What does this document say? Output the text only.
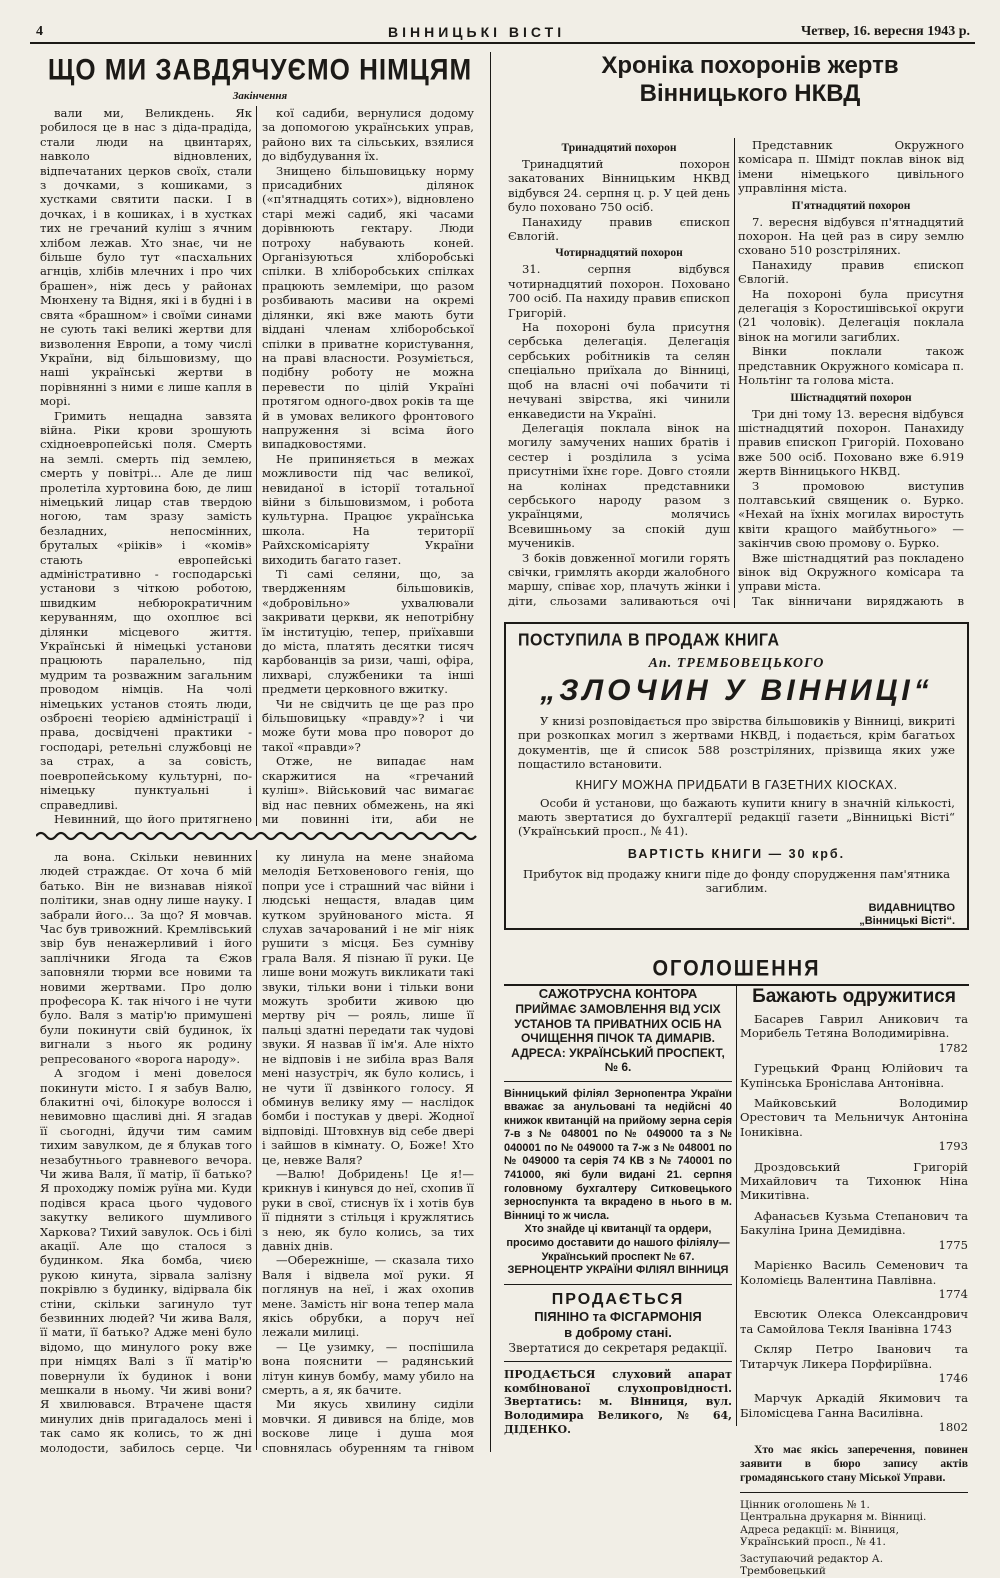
4	ВІННИЦЬКІ ВІСТІ	Четвер, 16. вересня 1943 р.
ЩО МИ ЗАВДЯЧУЄМО НІМЦЯМ
Закінчення

вали ми, Великдень. Як робилося це в нас з діда-прадіда, стали люди на цвинтарях, навколо відновлених, відпечатаних церков своїх, стали з дочками, з кошиками, з хустками святити паски. І в дочках, і в кошиках, і в хустках тих не гречаний куліш з ячним хлібом лежав. Хто знає, чи не більше було тут «пасхальних агнців, хлібів млечних і про чих брашен», ніж десь у районах Мюнхену та Відня, які і в будні і в свята «брашном» і своїми синами не сують такі великі жертви для визволення Европи, а тому числі України, від більшовизму, що наші українські жертви в порівнянні з ними є лише капля в морі.

Гримить нещадна завзята війна. Ріки крови зрошують східноевропейські поля. Смерть на землі. смерть під землею, смерть у повітрі... Але де лиш пролетіла хуртовина бою, де лиш німецький лицар став твердою ногою, там зразу замість безладних, непосмінних, бруталых «рііків» і «комів» стають европейські адміністративно - господарські установи з чіткою роботою, швидким небюрократичним керуванням, що охоплює всі ділянки місцевого життя. Українські й німецькі установи працюють паралельно, під мудрим та розважним загальним проводом німців. На чолі німецьких установ стоять люди, озброєні теорією адміністрації і права, досвідчені практики - господарі, ретельні службовці не за страх, а за совість, поевропейському культурні, по-німецьку пунктуальні і справедливі.

Невинний, що його притягнено

кої садиби, вернулися додому за допомогою українських управ, районо вих та сільських, взялися до відбудування їх.

Знищено більшовицьку норму присадибних ділянок («п'ятнадцять сотих»), відновлено старі межі садиб, які часами дорівнюють гектару. Люди потроху набувають коней. Організуються хліборобські спілки. В хліборобських спілках працюють землеміри, що разом розбивають масиви на окремі ділянки, які вже мають бути віддані членам хліборобської спілки в приватне користування, на праві власности. Розуміється, подібну роботу не можна перевести по цілій Україні протягом одного-двох років та ще й в умовах великого фронтового напруження зі всіма його випадковостями.

Не припиняється в межах можливости під час великої, невиданої в історії тотальної війни з більшовизмом, і робота культурна. Працює українська школа. На території Райхскомісаріяту України виходить багато газет.

Ті самі селяни, що, за твердженням більшовиків, «добровільно» ухвалювали закривати церкви, як непотрібну їм інституцію, тепер, приїхавши до міста, платять десятки тисяч карбованців за ризи, чаші, офіра, лихварі, службеники та інші предмети церковного вжитку.

Чи не свідчить це ще раз про більшовицьку «правду»? і чи може бути мова про поворот до такої «правди»?

Отже, не випадає нам скаржитися на «гречаний куліш». Військовий час вимагає від нас певних обмежень, на які ми повинні іти, аби не

ла вона. Скільки невинних людей страждає. От хоча б мій батько. Він не визнавав ніякої політики, знав одну лише науку. І забрали його... За що? Я мовчав. Час був тривожний. Кремлівський звір був ненажерливий і його заплічники Ягода та Єжов заповняли тюрми все новими та новими жертвами. Про долю професора К. так нічого і не чути було. Валя з матір'ю примушені були покинути свій будинок, їх вигнали з нього як родину репресованого «ворога народу».

А згодом і мені довелося покинути місто. І я забув Валю, блакитні очі, білокуре волосся і невимовно щасливі дні. Я згадав її сьогодні, йдучи тим самим тихим завулком, де я блукав того незабутнього травневого вечора. Чи жива Валя, її матір, її батько? Я проходжу поміж руїна ми. Куди подівся краса цього чудового закутку великого шумливого Харкова? Тихий завулок. Ось і білі акації. Але що сталося з будинком. Яка бомба, чиєю рукою кинута, зірвала залізну покрівлю з будинку, відірвала бік стіни, скільки загинуло тут безвинних людей? Чи жива Валя, її мати, її батько? Адже мені було відомо, що минулого року вже при німцях Валі з її матір'ю повернули їх будинок і вони мешкали в ньому. Чи живі вони? Я хвилювався. Втрачене щастя минулих днів пригадалось мені і так само як колись, то ж дні молодости, забилось серце. Чи

ку линула на мене знайома мелодія Бетховенового генія, що попри усе і страшний час війни і людські нещастя, владав цим кутком зруйнованого міста. Я слухав зачарований і не міг ніяк рушити з місця. Без сумніву грала Валя. Я пізнаю її руки. Це лише вони можуть викликати такі звуки, тільки вони і тільки вони можуть зробити живою цю мертву річ — рояль, лише її пальці здатні передати так чудові звуки. Я назвав її ім'я. Але ніхто не відповів і не зибіла враз Валя мені назустріч, як було колись, і не чути її дзвінкого голосу. Я обминув велику яму — наслідок бомби і постукав у двері. Жодної відповіді. Штовхнув від себе двері і зайшов в кімнату. О, Боже! Хто це, невже Валя?

—Валю! Добридень! Це я!—крикнув і кинувся до неї, схопив її руки в свої, стиснув їх і хотів був її підняти з стільця і кружлятись з нею, як було колись, за тих давніх днів.

—Обережніше, — сказала тихо Валя і відвела мої руки. Я поглянув на неї, і жах охопив мене. Замість ніг вона тепер мала якісь обрубки, а поруч неї лежали милиці.

— Це узимку, — поспішила вона пояснити — радянський літун кинув бомбу, маму убило на смерть, а я, як бачите.

Ми якусь хвилину сиділи мовчки. Я дивився на бліде, мов воскове лице і душа моя сповнялась обуренням та гнівом

Хроніка похоронів жертв
Вінницького НКВД
Тринадцятий похорон

Тринадцятий похорон закатованих Вінницьким НКВД відбувся 24. серпня ц. р. У цей день було поховано 750 осіб.

Панахиду правив єпископ Євлогій.

Чотирнадцятий похорон

31. серпня відбувся чотирнадцятий похорон. Поховано 700 осіб. Па нахиду правив єпископ Григорій.

На похороні була присутня сербська делегація. Делегація сербських робітників та селян спеціально приїхала до Вінниці, щоб на власні очі побачити ті нечувані звірства, які чинили енкаведисти на Україні.

Делегація поклала вінок на могилу замучених наших братів і сестер і розділила з усіма присутніми їхнє горе. Довго стояли на колінах представники сербського народу разом з українцями, молячись Всевишньому за спокій душ мучеників.

З боків довженної могили горять свічки, гримлять акорди жалобного маршу, співає хор, плачуть жінки і діти, сльозами заливаються очі

Представник Окружного комісара п. Шмідт поклав вінок від імени німецького цивільного управління міста.

П'ятнадцятий похорон

7. вересня відбувся п'ятнадцятий похорон. На цей раз в сиру землю сховано 510 розстріляних.

Панахиду правив єпископ Євлогій.

На похороні була присутня делегація з Коростишівської округи (21 чоловік). Делегація поклала вінок на могили загиблих.

Вінки поклали також представник Окружного комісара п. Нольтінг та голова міста.

Шістнадцятий похорон

Три дні тому 13. вересня відбувся шістнадцятий похорон. Панахиду правив єпископ Григорій. Поховано вже 500 осіб. Поховано вже 6.919 жертв Вінницького НКВД.

З промовою виступив полтавський священик о. Бурко. «Нехай на їхніх могилах виростуть квіти кращого майбутнього» — закінчив свою промову о. Бурко.

Вже шістнадцятий раз покладено вінок від Окружного комісара та управи міста.

Так вінничани виряджають в

ПОСТУПИЛА В ПРОДАЖ КНИГА
Ап. ТРЕМБОВЕЦЬКОГО
„ЗЛОЧИН У ВІННИЦІ“
У книзі розповідається про звірства більшовиків у Вінниці, викриті при розкопках могил з жертвами НКВД, і подається, крім багатьох документів, ще й список 588 розстріляних, прізвища яких уже пощастило встановити.
КНИГУ МОЖНА ПРИДБАТИ В ГАЗЕТНИХ КІОСКАХ.
Особи й установи, що бажають купити книгу в значній кількості, мають звертатися до бухгалтерії редакції газети „Вінницькі Вісті“ (Український просп., № 41).
ВАРТІСТЬ КНИГИ — 30 крб.
Прибуток від продажу книги піде до фонду спорудження пам'ятника загиблим.
ВИДАВНИЦТВО
„Вінницькі Вісті“.
ОГОЛОШЕННЯ
САЖОТРУСНА КОНТОРА
ПРИЙМАЄ ЗАМОВЛЕННЯ ВІД УСІХ УСТАНОВ ТА ПРИВАТНИХ ОСІБ НА ОЧИЩЕННЯ ПІЧОК ТА ДИМАРІВ. АДРЕСА: УКРАЇНСЬКИЙ ПРОСПЕКТ, № 6.
Вінницький філіял Зернопентра України вважає за анульовані та недійсні 40 книжок квитанцій на прийому зерна серія 7-в з № 048001 по № 049000 та з № 040001 по № 049000 та 7-ж з № 048001 по № 049000 та серія 74 КВ з № 740001 по 741000, які були видані 21. серпня головному бухгалтеру Ситковецького зерноспункта та вкрадено в нього в м. Вінниці то ж числа.
Хто знайде ці квитанції та ордери, просимо доставити до нашого філіялу—Український проспект № 67.
ЗЕРНОЦЕНТР УКРАЇНИ ФІЛІЯЛ ВІННИЦЯ
ПРОДАЄТЬСЯ
ПІЯНІНО та ФІСГАРМОНІЯ
в доброму стані.
Звертатися до секретаря редакції.
ПРОДАЄТЬСЯ слуховий апарат комбінованої слухопровідності. Звертатись: м. Вінниця, вул. Володимира Великого, № 64, ДІДЕНКО.
Бажають одружитися
Басарев Гаврил Аникович та Морибель Тетяна Володимирівна.
1782
Гурецький Франц Юлійович та Купінська Броніслава Антонівна.
Майковський Володимир Орестович та Мельничук Антоніна Іониківна.
1793
Дроздовський Григорій Михайлович та Тихонюк Ніна Микитівна.
Афанасьєв Кузьма Степанович та Бакуліна Ірина Демидівна.
1775
Марієнко Василь Семенович та Коломієць Валентина Павлівна.
1774
Евсютик Олекса Олександрович та Самойлова Текля Іванівна 1743
Скляр Петро Іванович та Титарчук Ликера Порфиріївна.
1746
Марчук Аркадій Якимович та Біломісцева Ганна Василівна.
1802
Хто має якісь заперечення, повинен заявити в бюро запису актів громадянського стану Міської Управи.
Цінник оголошень № 1.
Центральна друкарня м. Вінниці.
Адреса редакції: м. Вінниця, Український просп., № 41.
Заступаючий редактор А. Трембовецький
